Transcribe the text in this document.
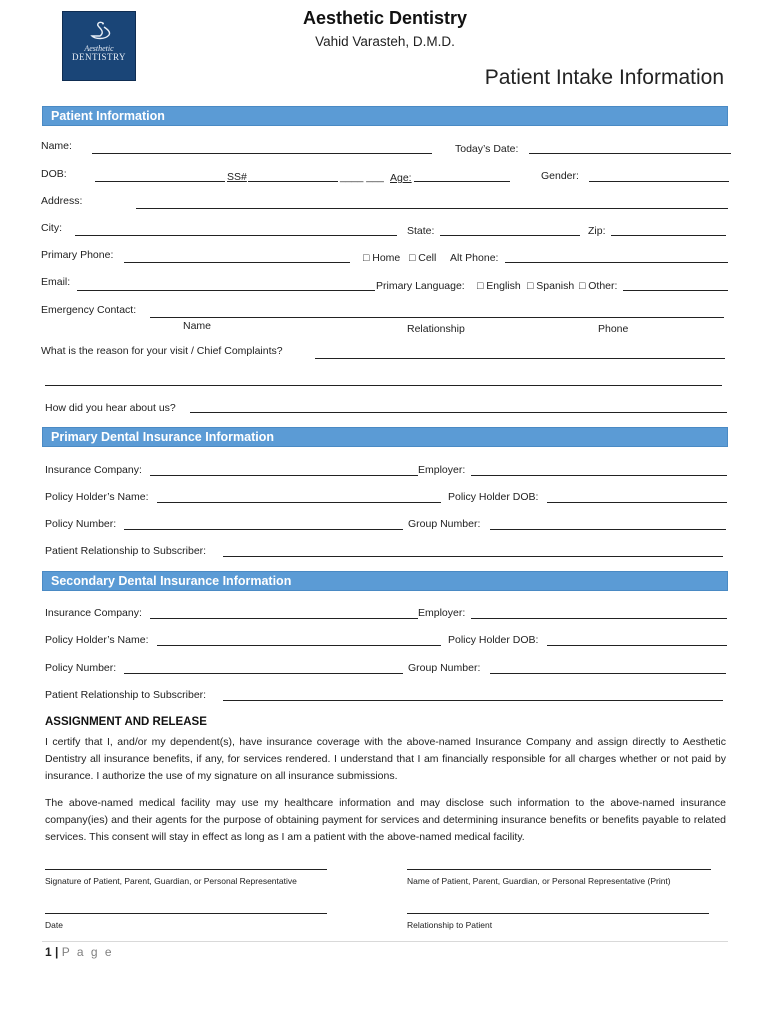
Aesthetic
DENTISTRY
Aesthetic Dentistry
Vahid Varasteh, D.M.D.
Patient Intake Information
Patient Information
Name:	Today’s Date:
DOB:	SS#	____ ___ Age:	Gender:
Address:
City:	State:	Zip:
Primary Phone:	□ Home □ Cell Alt Phone:
Email:	Primary Language: □ English □ Spanish □ Other:
Emergency Contact:
Name	Relationship	Phone
What is the reason for your visit / Chief Complaints?
How did you hear about us?
Primary Dental Insurance Information
Insurance Company:	Employer:
Policy Holder’s Name:	Policy Holder DOB:
Policy Number:	Group Number:
Patient Relationship to Subscriber:
Secondary Dental Insurance Information
Insurance Company:	Employer:
Policy Holder’s Name:	Policy Holder DOB:
Policy Number:	Group Number:
Patient Relationship to Subscriber:
ASSIGNMENT AND RELEASE
I certify that I, and/or my dependent(s), have insurance coverage with the above-named Insurance Company and assign directly to Aesthetic Dentistry all insurance benefits, if any, for services rendered. I understand that I am financially responsible for all charges whether or not paid by insurance. I authorize the use of my signature on all insurance submissions.
The above-named medical facility may use my healthcare information and may disclose such information to the above-named insurance company(ies) and their agents for the purpose of obtaining payment for services and determining insurance benefits or benefits payable to related services. This consent will stay in effect as long as I am a patient with the above-named medical facility.
Signature of Patient, Parent, Guardian, or Personal Representative	Name of Patient, Parent, Guardian, or Personal Representative (Print)
Date	Relationship to Patient
1 | P a g e
